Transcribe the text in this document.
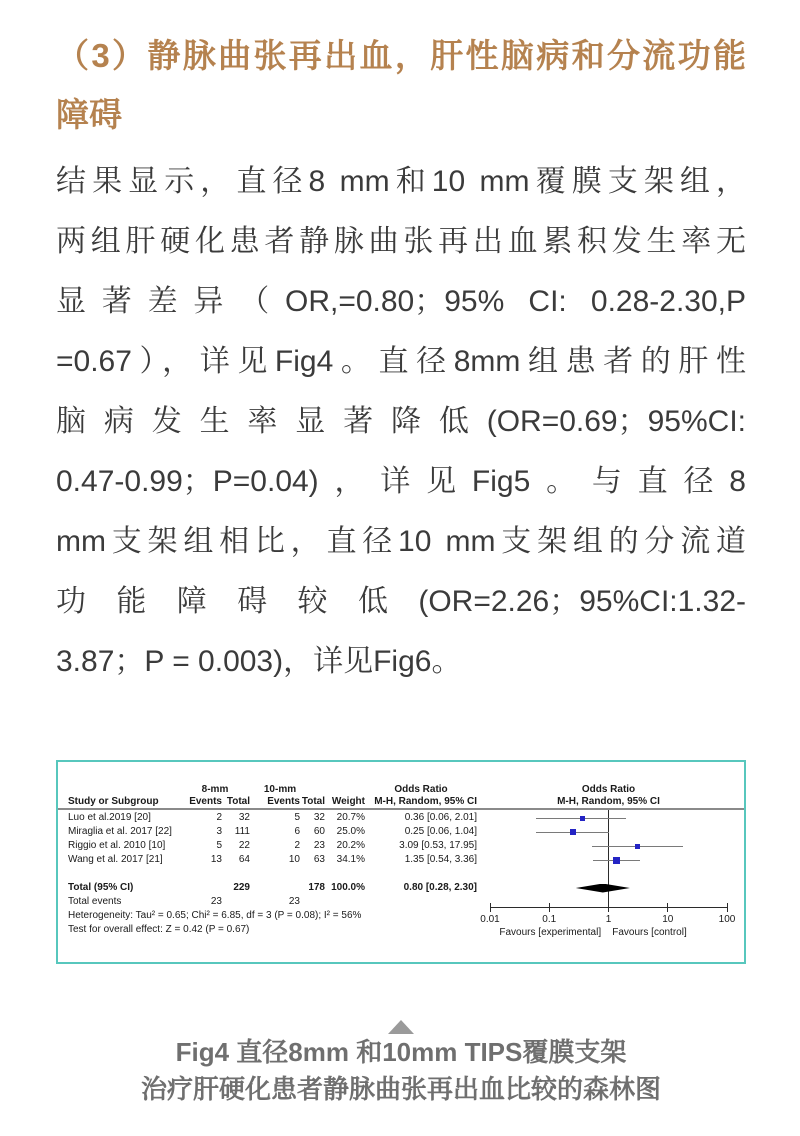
（3）静脉曲张再出血，肝性脑病和分流功能
障碍
结果显示，直径8 mm和10 mm覆膜支架组，
两组肝硬化患者静脉曲张再出血累积发生率无
显著差异（OR,=0.80；95% CI: 0.28-2.30,P
=0.67），详见Fig4。直径8mm组患者的肝性
脑病发生率显著降低(OR=0.69；95%CI:
0.47-0.99；P=0.04)，详见Fig5。与直径8
mm支架组相比，直径10 mm支架组的分流道
功能障碍较低(OR=2.26；95%CI:1.32-
3.87；P = 0.003)，详见Fig6。
8-mm	10-mm	Odds Ratio	Odds Ratio
Study or Subgroup	Events Total Events Total Weight M-H, Random, 95% CI	M-H, Random, 95% CI
Luo et al.2019 [20]	2 32	5 32 20.7%	0.36 [0.06, 2.01]
Miraglia et al. 2017 [22]	3 111	6 60 25.0%	0.25 [0.06, 1.04]
Riggio et al. 2010 [10]	5 22	2 23 20.2%	3.09 [0.53, 17.95]
Wang et al. 2017 [21]	13 64	10 63 34.1%	1.35 [0.54, 3.36]
Total (95% CI)	229	178 100.0%	0.80 [0.28, 2.30]
Total events	23	23
Heterogeneity: Tau² = 0.65; Chi² = 6.85, df = 3 (P = 0.08); I² = 56%
Test for overall effect: Z = 0.42 (P = 0.67)
0.01	0.1	1	10	100
Favours [experimental] Favours [control]
Fig4 直径8mm 和10mm TIPS覆膜支架
治疗肝硬化患者静脉曲张再出血比较的森林图
